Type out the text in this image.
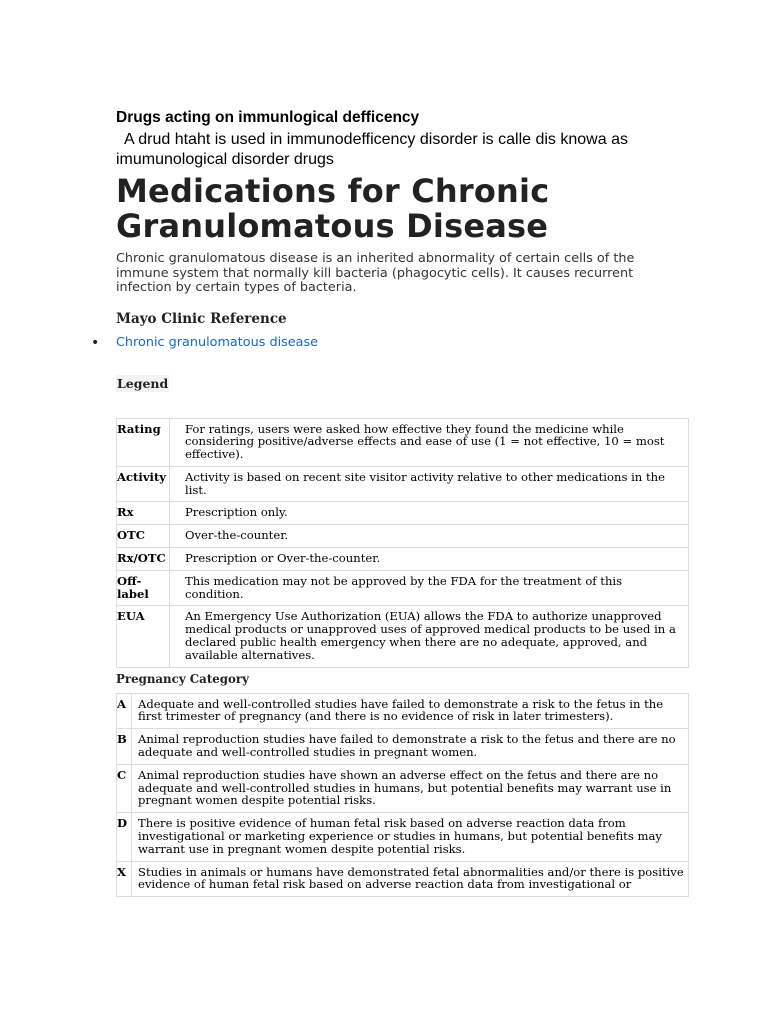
Drugs acting on immunlogical defficency

A drud htaht is used in immunodefficency disorder is calle dis knowa as imumunological disorder drugs

Medications for Chronic Granulomatous Disease

Chronic granulomatous disease is an inherited abnormality of certain cells of the immune system that normally kill bacteria (phagocytic cells). It causes recurrent infection by certain types of bacteria.

Mayo Clinic Reference
• Chronic granulomatous disease
Legend
Rating	For ratings, users were asked how effective they found the medicine while considering positive/adverse effects and ease of use (1 = not effective, 10 = most effective).
Activity	Activity is based on recent site visitor activity relative to other medications in the list.
Rx	Prescription only.
OTC	Over-the-counter.
Rx/OTC	Prescription or Over-the-counter.
Off-label	This medication may not be approved by the FDA for the treatment of this condition.
EUA	An Emergency Use Authorization (EUA) allows the FDA to authorize unapproved medical products or unapproved uses of approved medical products to be used in a declared public health emergency when there are no adequate, approved, and available alternatives.
Pregnancy Category
A	Adequate and well-controlled studies have failed to demonstrate a risk to the fetus in the first trimester of pregnancy (and there is no evidence of risk in later trimesters).
B	Animal reproduction studies have failed to demonstrate a risk to the fetus and there are no adequate and well-controlled studies in pregnant women.
C	Animal reproduction studies have shown an adverse effect on the fetus and there are no adequate and well-controlled studies in humans, but potential benefits may warrant use in pregnant women despite potential risks.
D	There is positive evidence of human fetal risk based on adverse reaction data from investigational or marketing experience or studies in humans, but potential benefits may warrant use in pregnant women despite potential risks.
X	Studies in animals or humans have demonstrated fetal abnormalities and/or there is positive evidence of human fetal risk based on adverse reaction data from investigational or
